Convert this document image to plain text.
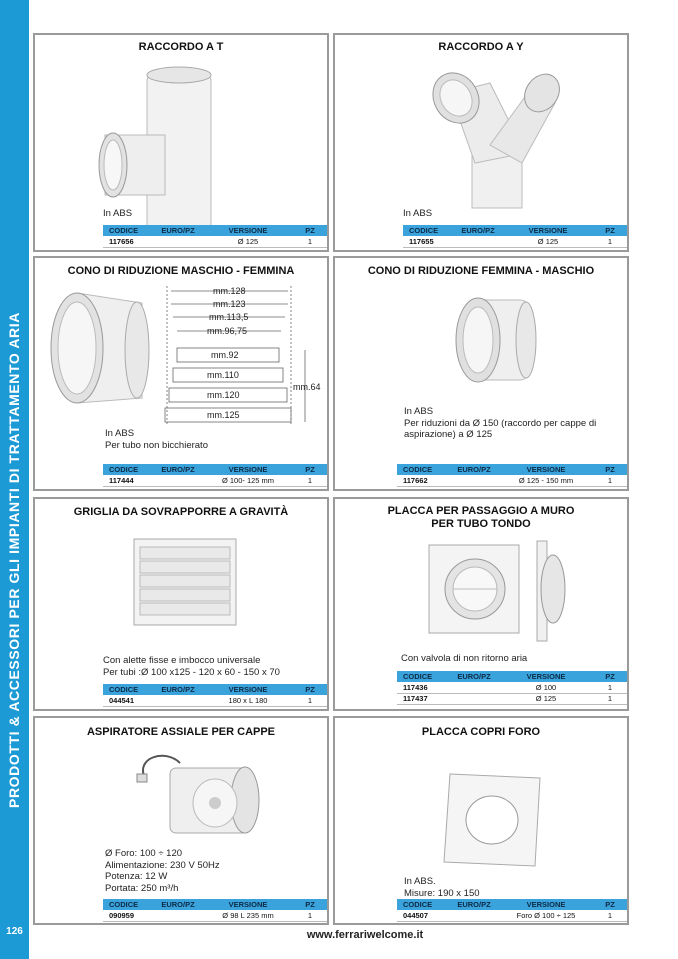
PRODOTTI & ACCESSORI PER GLI IMPIANTI DI TRATTAMENTO ARIA
126
RACCORDO A T
In ABS
CODICE	EURO/PZ	VERSIONE	PZ
117656		Ø 125	1
RACCORDO A Y
In ABS
CODICE	EURO/PZ	VERSIONE	PZ
117655		Ø 125	1
CONO DI RIDUZIONE MASCHIO - FEMMINA
mm.128
mm.123
mm.113,5
mm.96,75
mm.92
mm.110
mm.120
mm.125
mm.64
In ABS
Per tubo non bicchierato
CODICE	EURO/PZ	VERSIONE	PZ
117444		Ø 100- 125 mm	1
CONO DI RIDUZIONE FEMMINA - MASCHIO
In ABS
Per riduzioni da Ø 150 (raccordo per cappe di
aspirazione) a Ø 125
CODICE	EURO/PZ	VERSIONE	PZ
117662		Ø 125 - 150 mm	1
GRIGLIA DA SOVRAPPORRE A GRAVITÀ
Con alette fisse e imbocco universale
Per tubi :Ø 100 x125 - 120 x 60 - 150 x 70
CODICE	EURO/PZ	VERSIONE	PZ
044541		180 x L 180	1
PLACCA PER PASSAGGIO A MURO
PER TUBO TONDO
Con valvola di non ritorno aria
CODICE	EURO/PZ	VERSIONE	PZ
117436		Ø 100	1
117437		Ø 125	1
ASPIRATORE ASSIALE PER CAPPE
Ø Foro: 100 ÷ 120
Alimentazione: 230 V 50Hz
Potenza: 12 W
Portata: 250 m³/h
CODICE	EURO/PZ	VERSIONE	PZ
090959		Ø 98 L 235 mm	1
PLACCA COPRI FORO
In ABS.
Misure: 190 x 150
CODICE	EURO/PZ	VERSIONE	PZ
044507		Foro Ø 100 ÷ 125	1
www.ferrariwelcome.it
